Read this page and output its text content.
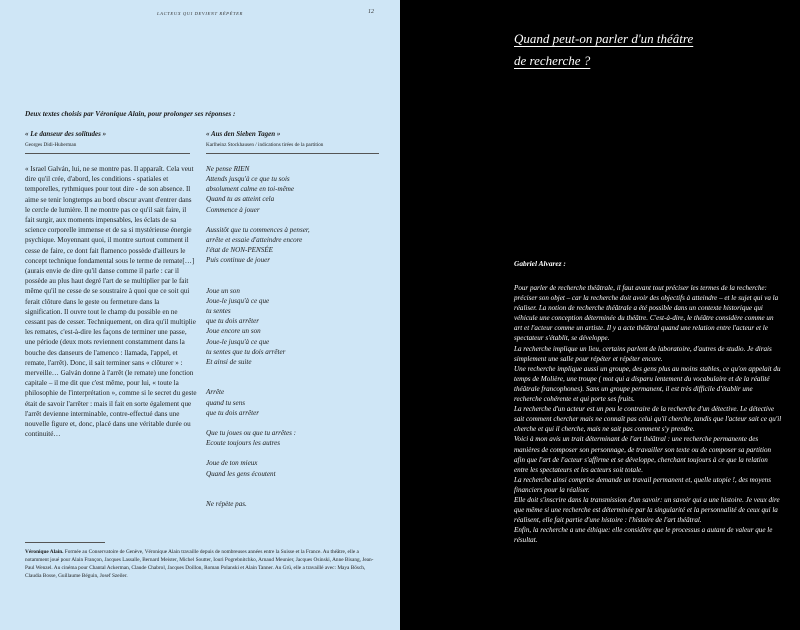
LACTEUX QUI DEVIENT RÉPÉTER	12
Deux textes choisis par Véronique Alain, pour prolonger ses réponses :
« Le danseur des solitudes »
Georges Didi-Huberman
« Aus den Sieben Tagen »
Karlheinz Stockhausen / indications tirées de la partition

« Israel Galván, lui, ne se montre pas. Il apparaît. Cela veut dire qu'il crée, d'abord, les conditions - spatiales et temporelles, rythmiques pour tout dire - de son absence. Il aime se tenir longtemps au bord obscur avant d'entrer dans le cercle de lumière. Il ne montre pas ce qu'il sait faire, il fait surgir, aux moments impensables, les éclats de sa science corporelle immense et de sa si mystérieuse énergie psychique. Moyennant quoi, il montre surtout comment il cesse de faire, ce dont fait flamenco possède d'ailleurs le concept technique fondamental sous le terme de remate[…] (aurais envie de dire qu'il danse comme il parle : car il possède au plus haut degré l'art de se multiplier par le fait même qu'il ne cesse de se soustraire à quoi que ce soit qui ferait clôture dans le geste ou fermeture dans la signification. Il ouvre tout le champ du possible en ne cessant pas de cesser. Techniquement, on dira qu'il multiplie les remates, c'est-à-dire les façons de terminer une passe, une période (deux mots reviennent constamment dans la bouche des danseurs de l'amenco : llamada, l'appel, et remate, l'arrêt). Donc, il sait terminer sans « clôturer » : merveille… Galván donne à l'arrêt (le remate) une fonction capitale – il me dit que c'est même, pour lui, « toute la philosophie de l'interprétation », comme si le secret du geste était de savoir l'arrêter : mais il fait en sorte également que l'arrêt devienne interminable, contre-effectué dans une nouvelle figure et, donc, placé dans une véritable durée ou continuité…

Ne pense RIEN
Attends jusqu'à ce que tu sois
absolument calme en toi-même
Quand tu as atteint cela
Commence à jouer
Aussitôt que tu commences à penser,
arrête et essaie d'atteindre encore
l'état de NON-PENSÉE
Puis continue de jouer
Joue un son
Joue-le jusqu'à ce que
tu sentes
que tu dois arrêter
Joue encore un son
Joue-le jusqu'à ce que
tu sentes que tu dois arrêter
Et ainsi de suite
Arrête
quand tu sens
que tu dois arrêter
Que tu joues ou que tu arrêtes :
Ecoute toujours les autres
Joue de ton mieux
Quand les gens écoutent
Ne répète pas.

Véronique Alain. Formée au Conservatoire de Genève, Véronique Alain travaille depuis de nombreuses années entre la Suisse et la France. Au théâtre, elle a notamment joué pour Alain Françon, Jacques Lassalle, Bernard Meister, Michel Soutter, Iouri Pogrebnitchko, Arnaud Meunier, Jacques Osinski, Anne Bisang, Jean-Paul Wenzel. Au cinéma pour Chantal Ackerman, Claude Chabrol, Jacques Doillon, Roman Polanski et Alain Tanner. Au Grü, elle a travaillé avec: Maya Bösch, Claudia Bosse, Guillaume Béguin, Josef Szeiler.

Quand peut-on parler d'un théâtre
de recherche ?
Gabriel Alvarez :

Pour parler de recherche théâtrale, il faut avant tout préciser les termes de la recherche: préciser son objet – car la recherche doit avoir des objectifs à atteindre – et le sujet qui va la réaliser. La notion de recherche théâtrale a été possible dans un contexte historique qui véhicule une conception déterminée du théâtre. C'est-à-dire, le théâtre considère comme un art et l'acteur comme un artiste. Il y a acte théâtral quand une relation entre l'acteur et le spectateur s'établit, se développe.

La recherche implique un lieu, certains parlent de laboratoire, d'autres de studio. Je dirais simplement une salle pour répéter et répéter encore.

Une recherche implique aussi un groupe, des gens plus au moins stables, ce qu'on appelait du temps de Molière, une troupe ( mot qui a disparu lentement du vocabulaire et de la réalité théâtrale francophones). Sans un groupe permanent, il est très difficile d'établir une recherche cohérente et qui porte ses fruits.

La recherche d'un acteur est un peu le contraire de la recherche d'un détective. Le détective sait comment chercher mais ne connaît pas celui qu'il cherche, tandis que l'acteur sait ce qu'il cherche et qui il cherche, mais ne sait pas comment s'y prendre.

Voici à mon avis un trait déterminant de l'art théâtral : une recherche permanente des manières de composer son personnage, de travailler son texte ou de composer sa partition afin que l'art de l'acteur s'affirme et se développe, cherchant toujours à ce que la relation entre les spectateurs et les acteurs soit totale.

La recherche ainsi comprise demande un travail permanent et, quelle utopie !, des moyens financiers pour la réaliser.

Elle doit s'inscrire dans la transmission d'un savoir: un savoir qui a une histoire. Je veux dire que même si une recherche est déterminée par la singularité et la personnalité de ceux qui la réalisent, elle fait partie d'une histoire : l'histoire de l'art théâtral.

Enfin, la recherche a une éthique: elle considère que le processus a autant de valeur que le résultat.
